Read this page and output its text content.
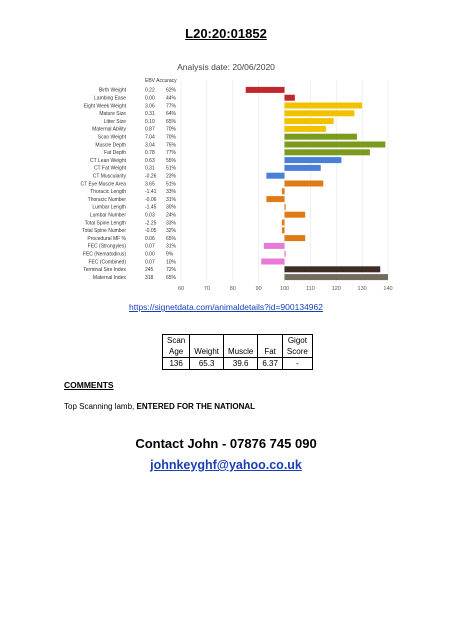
L20:20:01852
Analysis date: 20/06/2020
60	70	80	90	100	110	120	130	140
EBV Accuracy
Birth Weight	0.22 62%
Lambing Ease	0.00 44%
Eight Week Weight	3.06 77%
Mature Size	0.31 64%
Litter Size	0.10 65%
Maternal Ability	0.87 70%
Scan Weight	7.04 70%
Muscle Depth	3.04 75%
Fat Depth	0.78 77%
CT Lean Weight	0.63 55%
CT Fat Weight	0.31 51%
CT Muscularity	-0.26 23%
CT Eye Muscle Area	3.65 51%
Thoracic Length	-1.41 33%
Thoracic Number	-0.06 31%
Lumbar Length	-1.45 30%
Lumbar Number	0.03 24%
Total Spine Length	-2.25 33%
Total Spine Number	-0.05 32%
Procedural MF %	0.06 65%
FEC (Strongyles)	0.07 31%
FEC (Nematodirus)	0.00 9%
FEC (Combined)	0.07 10%
Terminal Sire Index	245	72%
Maternal Index	318	65%
https://signetdata.com/animaldetails?id=900134962
Scan				Gigot
Age	Weight	Muscle	Fat	Score
136	65.3	39.6	6.37	-
COMMENTS
Top Scanning lamb, ENTERED FOR THE NATIONAL
Contact John - 07876 745 090
johnkeyghf@yahoo.co.uk
